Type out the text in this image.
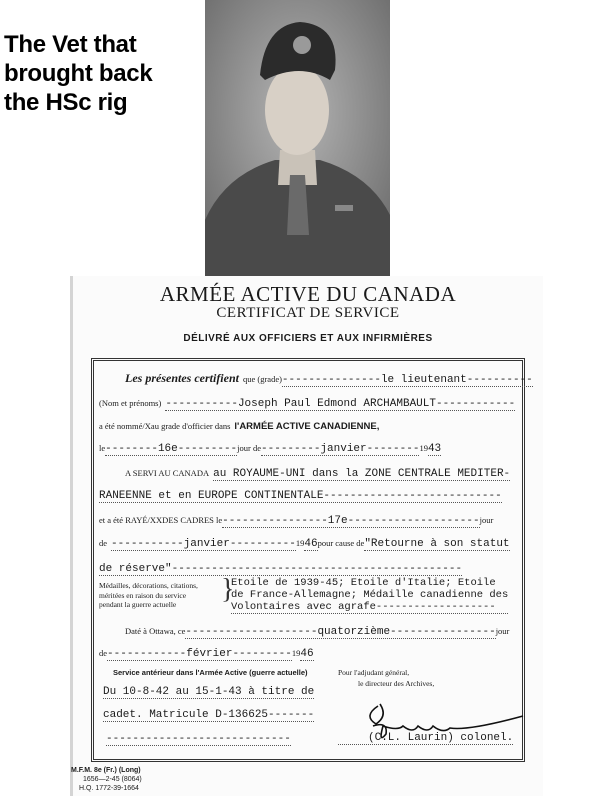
The Vet that
brought back
the HSc rig
ARMÉE ACTIVE DU CANADA
CERTIFICAT DE SERVICE
DÉLIVRÉ AUX OFFICIERS ET AUX INFIRMIÈRES
Les présentes certifient que (grade)---------------le lieutenant----------
(Nom et prénoms) -----------Joseph Paul Edmond ARCHAMBAULT------------
a été nommé/Xau grade d'officier dans l'ARMÉE ACTIVE CANADIENNE,
le--------16e---------jour de---------janvier--------1943
A SERVI AU CANADA au ROYAUME-UNI dans la ZONE CENTRALE MEDITER-
RANEENNE et en EUROPE CONTINENTALE---------------------------
et a été RAYÉ/XXDES CADRES le----------------17e--------------------jour
de -----------janvier----------1946pour cause de"Retourne à son statut
de réserve"--------------------------------------------
Médailles, décorations, citations,
méritées en raison du service
pendant la guerre actuelle	}
Etoile de 1939-45; Etoile d'Italie; Etoile
de France-Allemagne; Médaille canadienne des
Volontaires avec agrafe-------------------
Daté à Ottawa, ce--------------------quatorzième----------------jour
de------------février---------1946
Service antérieur dans l'Armée Active (guerre actuelle)
Du 10-8-42 au 15-1-43 à titre de
cadet. Matricule D-136625-------
----------------------------
Pour l'adjudant général,
le directeur des Archives,
(C.L. Laurin) colonel.
M.F.M. 8e (Fr.) (Long)
1656—2-45 (8064)
H.Q. 1772-39-1664
